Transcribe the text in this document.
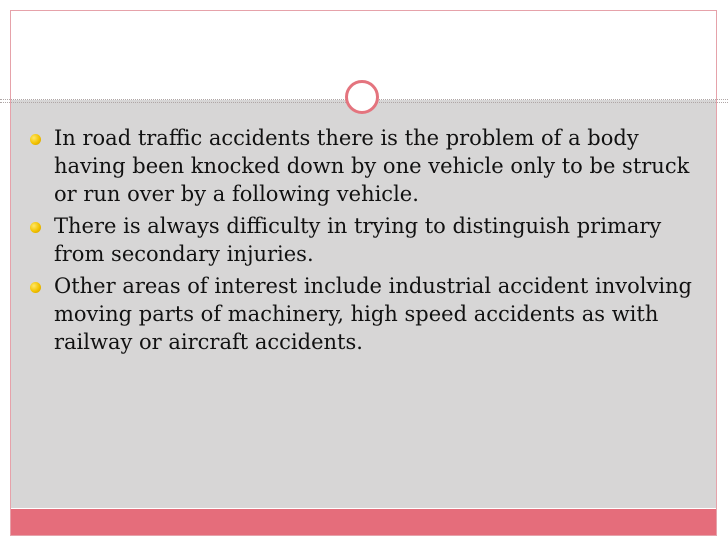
In road traffic accidents there is the problem of a body having been knocked down by one vehicle only to be struck or run over by a following vehicle.
There is always difficulty in trying to distinguish primary from secondary injuries.
Other areas of interest include industrial accident involving moving parts of machinery, high speed accidents as with railway or aircraft accidents.
